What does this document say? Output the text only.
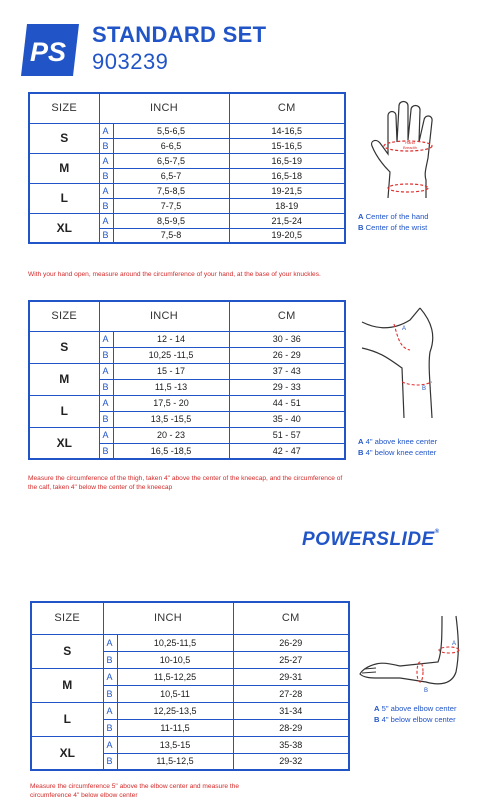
PS
STANDARD SET
903239
SIZE	INCH		CM
S	A	5,5-6,5	14-16,5
	B	6-6,5	15-16,5
M	A	6,5-7,5	16,5-19
	B	6,5-7	16,5-18
L	A	7,5-8,5	19-21,5
	B	7-7,5	18-19
XL	A	8,5-9,5	21,5-24
	B	7,5-8	19-20,5
With your hand open, measure around the circumference of your hand, at the base of your knuckles.
Hand
Breadth
A Center of the hand
B Center of the wrist
SIZE	INCH		CM
S	A	12 - 14	30 - 36
	B	10,25 -11,5	26 - 29
M	A	15 - 17	37 - 43
	B	11,5 -13	29 - 33
L	A	17,5 - 20	44 - 51
	B	13,5 -15,5	35 - 40
XL	A	20 - 23	51 - 57
	B	16,5 -18,5	42 - 47
Measure the circumference of the thigh, taken 4" above the center of the kneecap, and the circumference of the calf, taken 4" below the center of the kneecap
A
B
A 4" above knee center
B 4" below knee center
POWERSLIDE®
SIZE	INCH		CM
S	A	10,25-11,5	26-29
	B	10-10,5	25-27
M	A	11,5-12,25	29-31
	B	10,5-11	27-28
L	A	12,25-13,5	31-34
	B	11-11,5	28-29
XL	A	13,5-15	35-38
	B	11,5-12,5	29-32
Measure the circumference 5" above the elbow center and measure the circumference 4" below elbow center
A
B
A 5" above elbow center
B 4" below elbow center
